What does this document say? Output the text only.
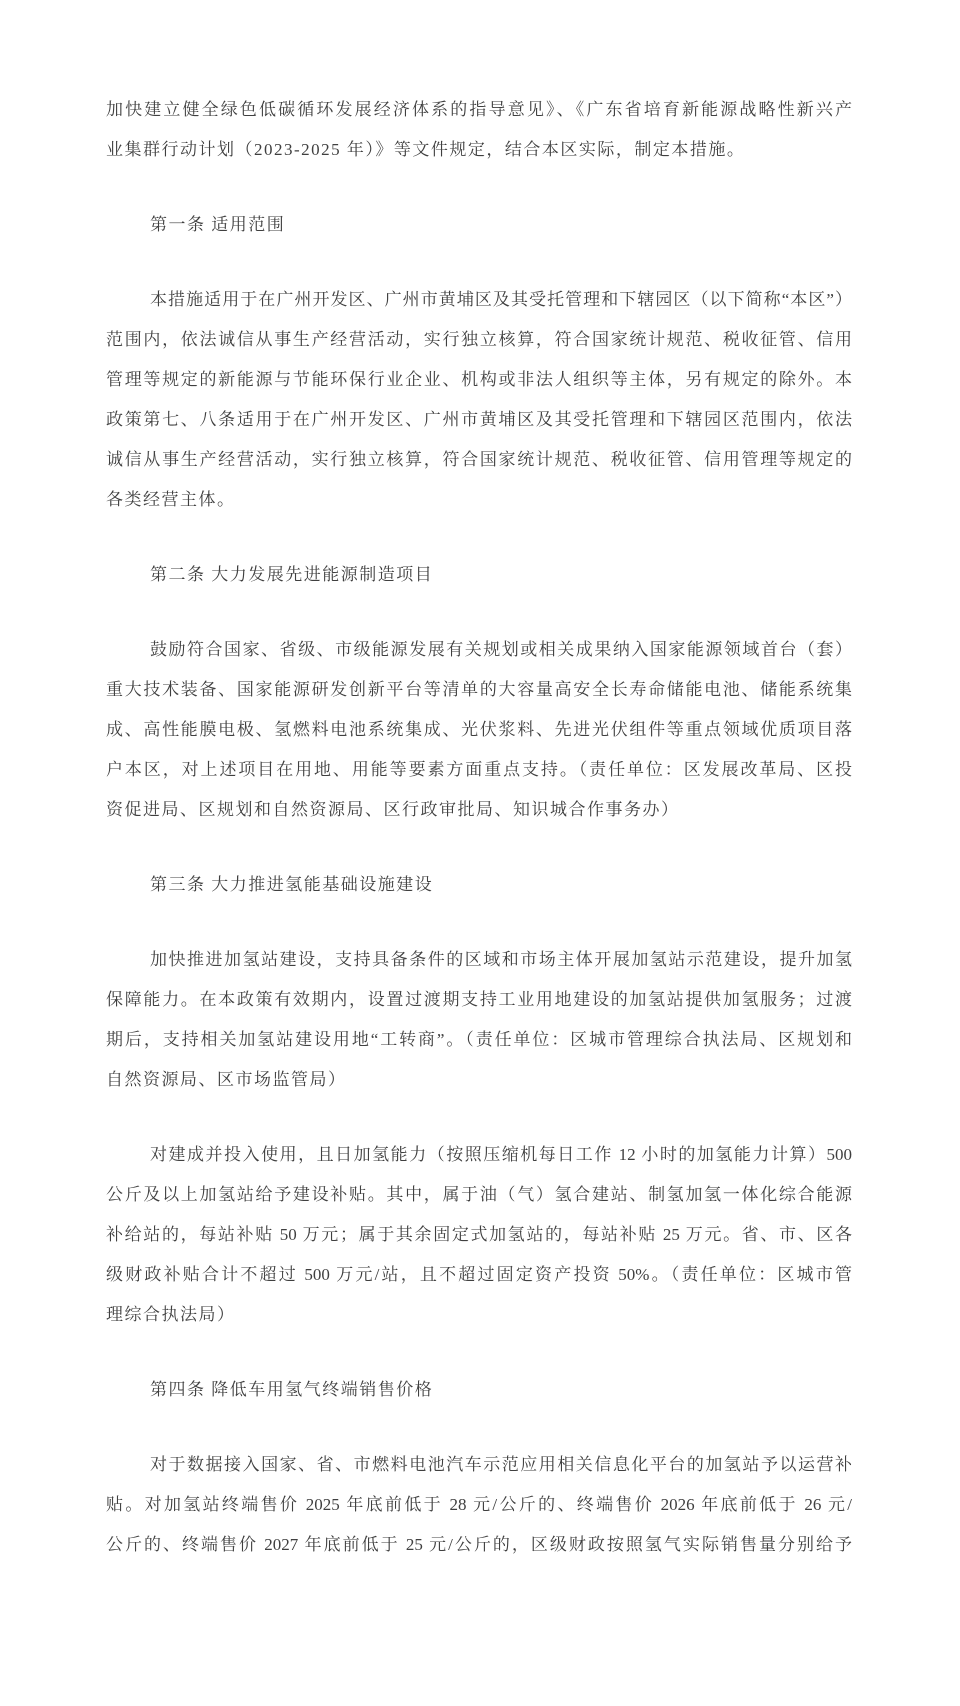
加快建立健全绿色低碳循环发展经济体系的指导意见》、《广东省培育新能源战略性新兴产
业集群行动计划（2023-2025 年）》等文件规定，结合本区实际，制定本措施。
第一条 适用范围
本措施适用于在广州开发区、广州市黄埔区及其受托管理和下辖园区（以下简称“本区”）
范围内，依法诚信从事生产经营活动，实行独立核算，符合国家统计规范、税收征管、信用
管理等规定的新能源与节能环保行业企业、机构或非法人组织等主体，另有规定的除外。本
政策第七、八条适用于在广州开发区、广州市黄埔区及其受托管理和下辖园区范围内，依法
诚信从事生产经营活动，实行独立核算，符合国家统计规范、税收征管、信用管理等规定的
各类经营主体。
第二条 大力发展先进能源制造项目
鼓励符合国家、省级、市级能源发展有关规划或相关成果纳入国家能源领域首台（套）
重大技术装备、国家能源研发创新平台等清单的大容量高安全长寿命储能电池、储能系统集
成、高性能膜电极、氢燃料电池系统集成、光伏浆料、先进光伏组件等重点领域优质项目落
户本区，对上述项目在用地、用能等要素方面重点支持。（责任单位：区发展改革局、区投
资促进局、区规划和自然资源局、区行政审批局、知识城合作事务办）
第三条 大力推进氢能基础设施建设
加快推进加氢站建设，支持具备条件的区域和市场主体开展加氢站示范建设，提升加氢
保障能力。在本政策有效期内，设置过渡期支持工业用地建设的加氢站提供加氢服务；过渡
期后，支持相关加氢站建设用地“工转商”。（责任单位：区城市管理综合执法局、区规划和
自然资源局、区市场监管局）
对建成并投入使用，且日加氢能力（按照压缩机每日工作 12 小时的加氢能力计算）500
公斤及以上加氢站给予建设补贴。其中，属于油（气）氢合建站、制氢加氢一体化综合能源
补给站的，每站补贴 50 万元；属于其余固定式加氢站的，每站补贴 25 万元。省、市、区各
级财政补贴合计不超过 500 万元/站，且不超过固定资产投资 50%。（责任单位：区城市管
理综合执法局）
第四条 降低车用氢气终端销售价格
对于数据接入国家、省、市燃料电池汽车示范应用相关信息化平台的加氢站予以运营补
贴。对加氢站终端售价 2025 年底前低于 28 元/公斤的、终端售价 2026 年底前低于 26 元/
公斤的、终端售价 2027 年底前低于 25 元/公斤的，区级财政按照氢气实际销售量分别给予
